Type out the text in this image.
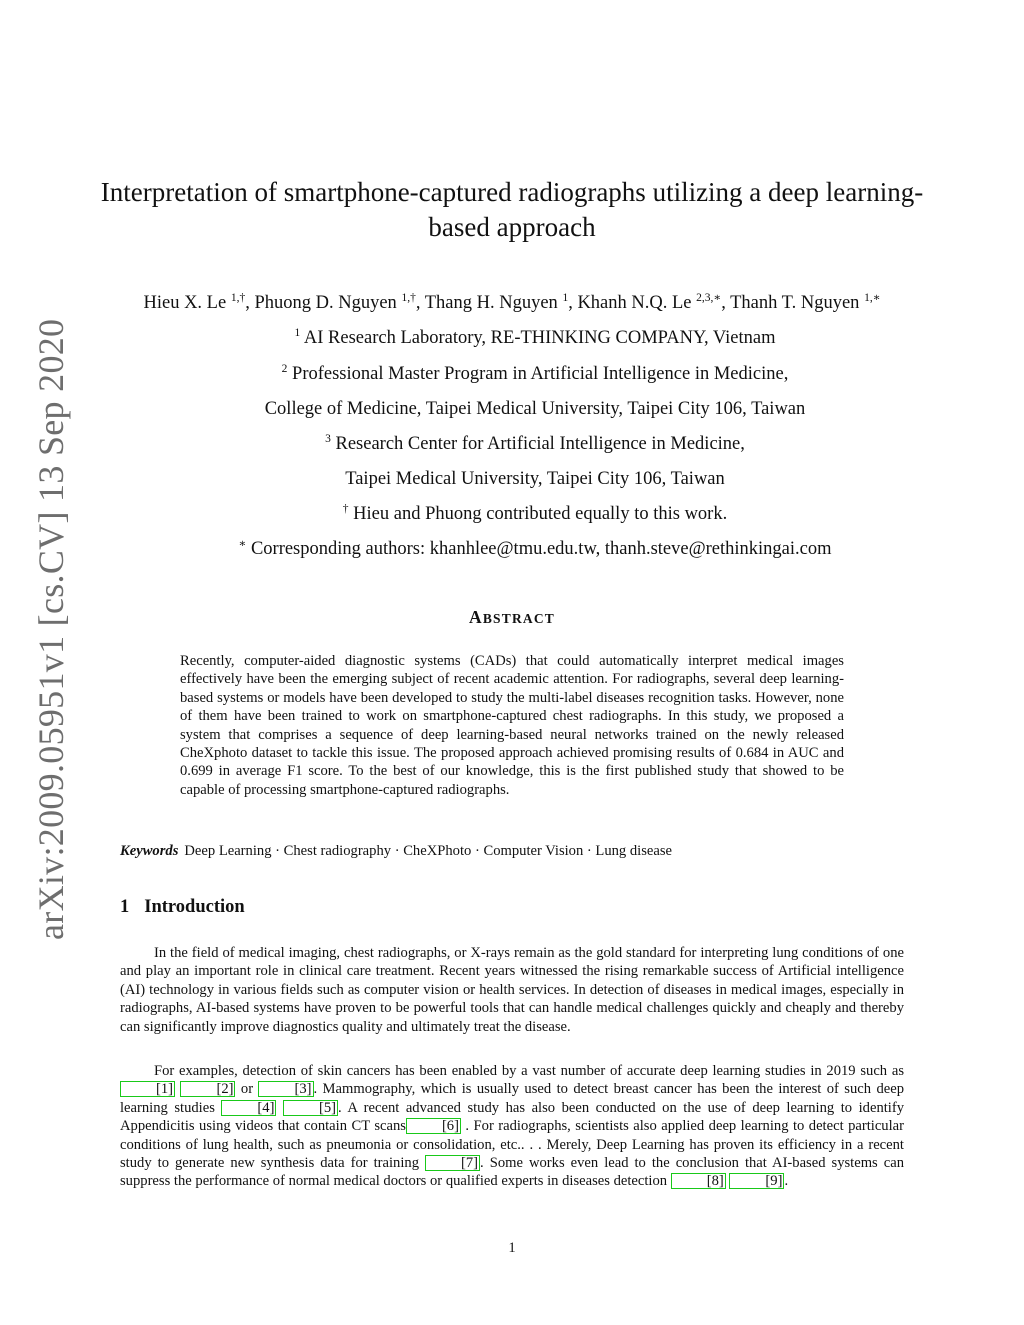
arXiv:2009.05951v1 [cs.CV] 13 Sep 2020
Interpretation of smartphone-captured radiographs utilizing a deep learning-based approach
Hieu X. Le $^{1,\dagger}$, Phuong D. Nguyen $^{1,\dagger}$, Thang H. Nguyen $^1$, Khanh N.Q. Le $^{2,3,∗}$, Thanh T. Nguyen $^{1,∗}$
$^1$ AI Research Laboratory, RE-THINKING COMPANY, Vietnam
$^2$ Professional Master Program in Artificial Intelligence in Medicine,
College of Medicine, Taipei Medical University, Taipei City 106, Taiwan
$^3$ Research Center for Artificial Intelligence in Medicine,
Taipei Medical University, Taipei City 106, Taiwan
† Hieu and Phuong contributed equally to this work.
∗ Corresponding authors: khanhlee@tmu.edu.tw, thanh.steve@rethinkingai.com
ABSTRACT

Recently, computer-aided diagnostic systems (CADs) that could automatically interpret medical images effectively have been the emerging subject of recent academic attention. For radiographs, several deep learning-based systems or models have been developed to study the multi-label diseases recognition tasks. However, none of them have been trained to work on smartphone-captured chest radiographs. In this study, we proposed a system that comprises a sequence of deep learning-based neural networks trained on the newly released CheXphoto dataset to tackle this issue. The proposed approach achieved promising results of 0.684 in AUC and 0.699 in average F1 score. To the best of our knowledge, this is the first published study that showed to be capable of processing smartphone-captured radiographs.

Keywords Deep Learning · Chest radiography · CheXPhoto · Computer Vision · Lung disease
1 Introduction

In the field of medical imaging, chest radiographs, or X-rays remain as the gold standard for interpreting lung conditions of one and play an important role in clinical care treatment. Recent years witnessed the rising remarkable success of Artificial intelligence (AI) technology in various fields such as computer vision or health services. In detection of diseases in medical images, especially in radiographs, AI-based systems have proven to be powerful tools that can handle medical challenges quickly and cheaply and thereby can significantly improve diagnostics quality and ultimately treat the disease.

For examples, detection of skin cancers has been enabled by a vast number of accurate deep learning studies in 2019 such as [1]	[2] or [3] . Mammography, which is usually used to detect breast cancer has been the interest of such deep learning studies [4]	[5] . A recent advanced study has also been conducted on the use of deep learning to identify Appendicitis using videos that contain CT scans [6] . For radiographs, scientists also applied deep learning to detect particular conditions of lung health, such as pneumonia or consolidation, etc.. . . Merely, Deep Learning has proven its efficiency in a recent study to generate new synthesis data for training [7] . Some works even lead to the conclusion that AI-based systems can suppress the performance of normal medical doctors or qualified experts in diseases detection [8]	[9] .

1
